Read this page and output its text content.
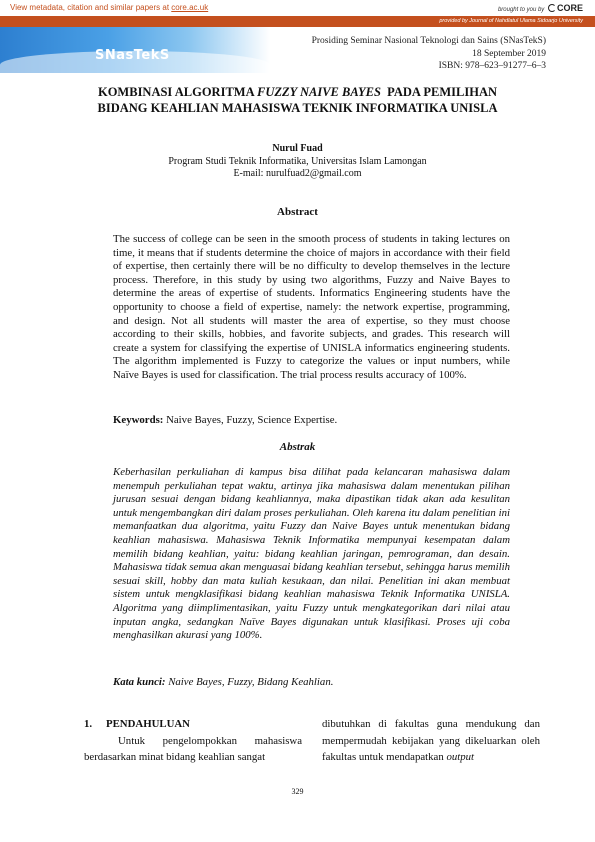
View metadata, citation and similar papers at core.ac.uk	brought to you by CORE
provided by Journal of Nahdlatul Ulama Sidoarjo University
SNasTekS
Prosiding Seminar Nasional Teknologi dan Sains (SNasTekS)
18 September 2019
ISBN: 978–623–91277–6–3
KOMBINASI ALGORITMA FUZZY NAIVE BAYES  PADA PEMILIHAN
BIDANG KEAHLIAN MAHASISWA TEKNIK INFORMATIKA UNISLA
Nurul Fuad
Program Studi Teknik Informatika, Universitas Islam Lamongan
E-mail: nurulfuad2@gmail.com
Abstract
The success of college can be seen in the smooth process of students in taking lectures on time, it means that if students determine the choice of majors in accordance with their field of expertise, then certainly there will be no difficulty to develop themselves in the lecture process. Therefore, in this study by using two algorithms, Fuzzy and Naive Bayes to determine the areas of expertise of students. Informatics Engineering students have the opportunity to choose a field of expertise, namely: the network expertise, programming, and design. Not all students will master the area of expertise, so they must choose according to their skills, hobbies, and favorite subjects, and grades. This research will create a system for classifying the expertise of UNISLA informatics engineering students. The algorithm implemented is Fuzzy to categorize the values or input numbers, while Naïve Bayes is used for classification. The trial process results accuracy of 100%.
Keywords: Naive Bayes, Fuzzy, Science Expertise.
Abstrak
Keberhasilan perkuliahan di kampus bisa dilihat pada kelancaran mahasiswa dalam menempuh perkuliahan tepat waktu, artinya jika mahasiswa dalam menentukan pilihan jurusan sesuai dengan bidang keahliannya, maka dipastikan tidak akan ada kesulitan untuk mengembangkan diri dalam proses perkuliahan. Oleh karena itu dalam penelitian ini memanfaatkan dua algoritma, yaitu Fuzzy dan Naive Bayes untuk menentukan bidang keahlian mahasiswa. Mahasiswa Teknik Informatika mempunyai kesempatan dalam memilih bidang keahlian, yaitu: bidang keahlian jaringan, pemrograman, dan desain. Mahasiswa tidak semua akan menguasai bidang keahlian tersebut, sehingga harus memilih sesuai skill, hobby dan mata kuliah kesukaan, dan nilai. Penelitian ini akan membuat sistem untuk mengklasifikasi bidang keahlian mahasiswa Teknik Informatika UNISLA. Algoritma yang diimplimentasikan, yaitu Fuzzy untuk mengkategorikan dari nilai atau inputan angka, sedangkan Naïve Bayes digunakan untuk klasifikasi. Proses uji coba menghasilkan akurasi yang 100%.
Kata kunci: Naive Bayes, Fuzzy, Bidang Keahlian.
1. PENDAHULUAN

Untuk pengelompokkan mahasiswa berdasarkan minat bidang keahlian sangat

dibutuhkan di fakultas guna mendukung dan mempermudah kebijakan yang dikeluarkan oleh fakultas untuk mendapatkan output
329
